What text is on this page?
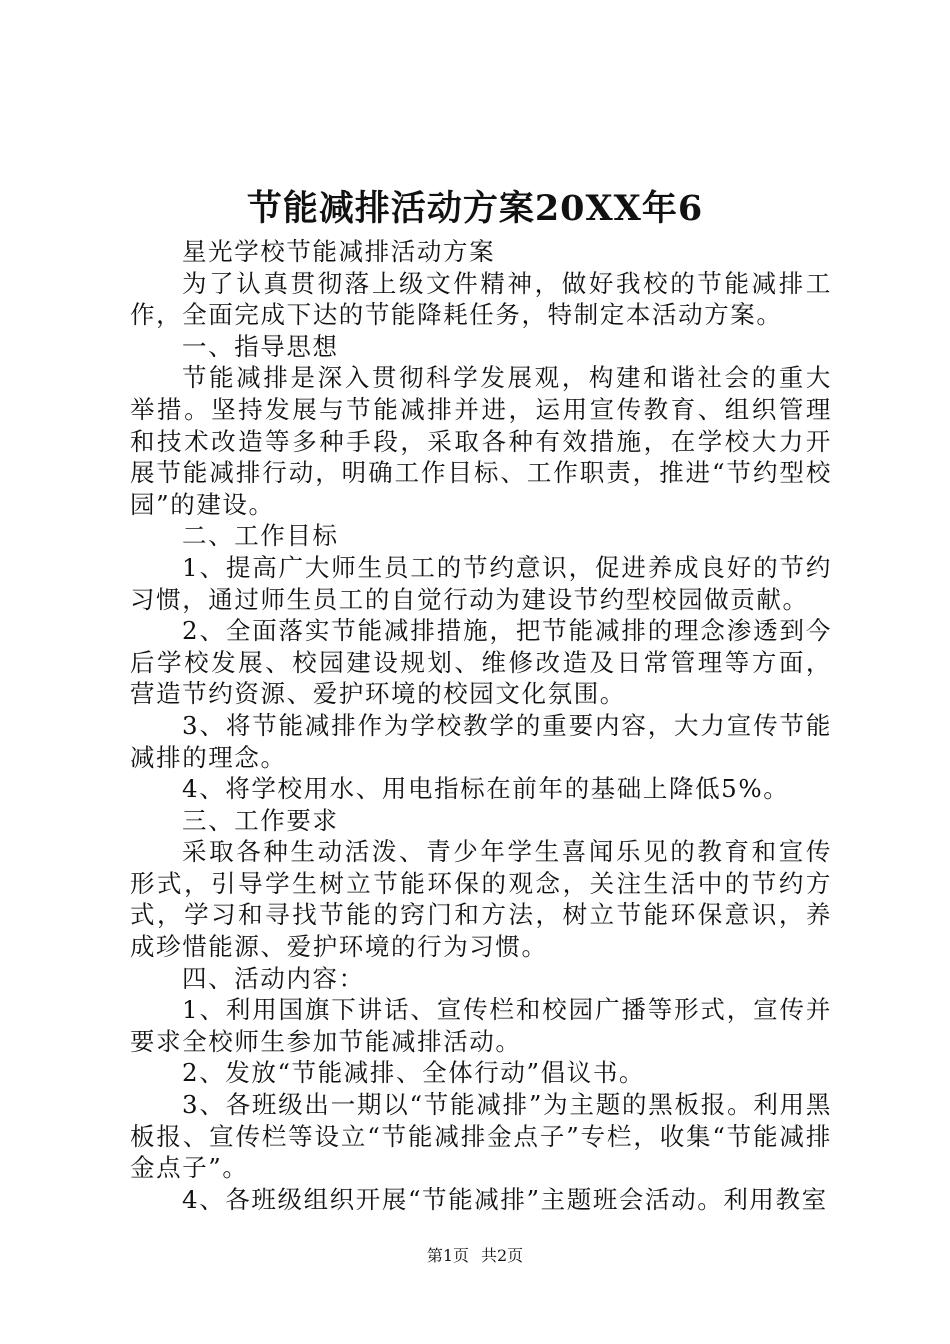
节能减排活动方案20XX年6

星光学校节能减排活动方案

为了认真贯彻落上级文件精神，做好我校的节能减排工作，全面完成下达的节能降耗任务，特制定本活动方案。

一、指导思想

节能减排是深入贯彻科学发展观，构建和谐社会的重大举措。坚持发展与节能减排并进，运用宣传教育、组织管理和技术改造等多种手段，采取各种有效措施，在学校大力开展节能减排行动，明确工作目标、工作职责，推进“节约型校园”的建设。

二、工作目标

1、提高广大师生员工的节约意识，促进养成良好的节约习惯，通过师生员工的自觉行动为建设节约型校园做贡献。

2、全面落实节能减排措施，把节能减排的理念渗透到今后学校发展、校园建设规划、维修改造及日常管理等方面，营造节约资源、爱护环境的校园文化氛围。

3、将节能减排作为学校教学的重要内容，大力宣传节能减排的理念。

4、将学校用水、用电指标在前年的基础上降低5%。

三、工作要求

采取各种生动活泼、青少年学生喜闻乐见的教育和宣传形式，引导学生树立节能环保的观念，关注生活中的节约方式，学习和寻找节能的窍门和方法，树立节能环保意识，养成珍惜能源、爱护环境的行为习惯。

四、活动内容：

1、利用国旗下讲话、宣传栏和校园广播等形式，宣传并要求全校师生参加节能减排活动。

2、发放“节能减排、全体行动”倡议书。

3、各班级出一期以“节能减排”为主题的黑板报。利用黑板报、宣传栏等设立“节能减排金点子”专栏，收集“节能减排金点子”。

4、各班级组织开展“节能减排”主题班会活动。利用教室

第1页 共2页
